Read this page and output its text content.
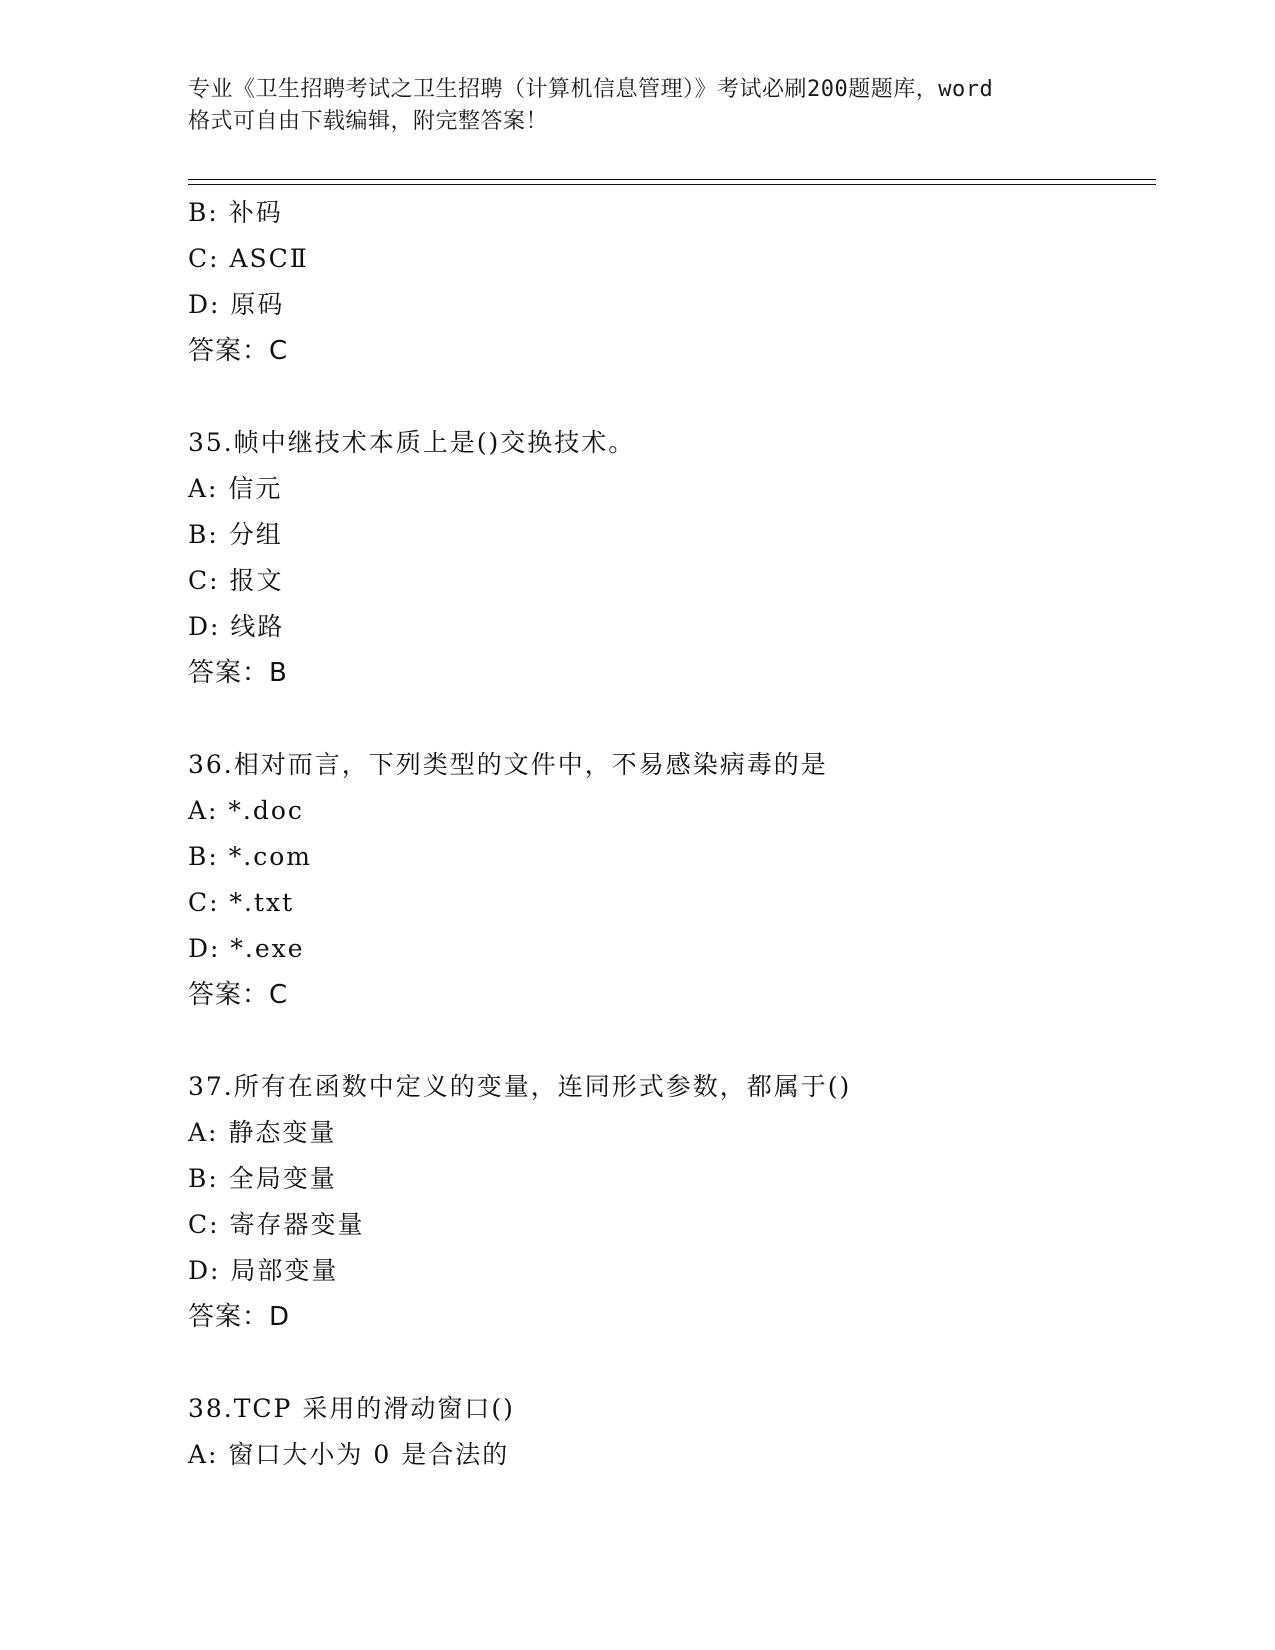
专业《卫生招聘考试之卫生招聘（计算机信息管理）》考试必刷200题题库，word
格式可自由下载编辑，附完整答案！
B: 补码
C: ASCⅡ
D: 原码
答案：C
35.帧中继技术本质上是()交换技术。
A: 信元
B: 分组
C: 报文
D: 线路
答案：B
36.相对而言，下列类型的文件中，不易感染病毒的是
A: *.doc
B: *.com
C: *.txt
D: *.exe
答案：C
37.所有在函数中定义的变量，连同形式参数，都属于()
A: 静态变量
B: 全局变量
C: 寄存器变量
D: 局部变量
答案：D
38.TCP 采用的滑动窗口()
A: 窗口大小为 0 是合法的
